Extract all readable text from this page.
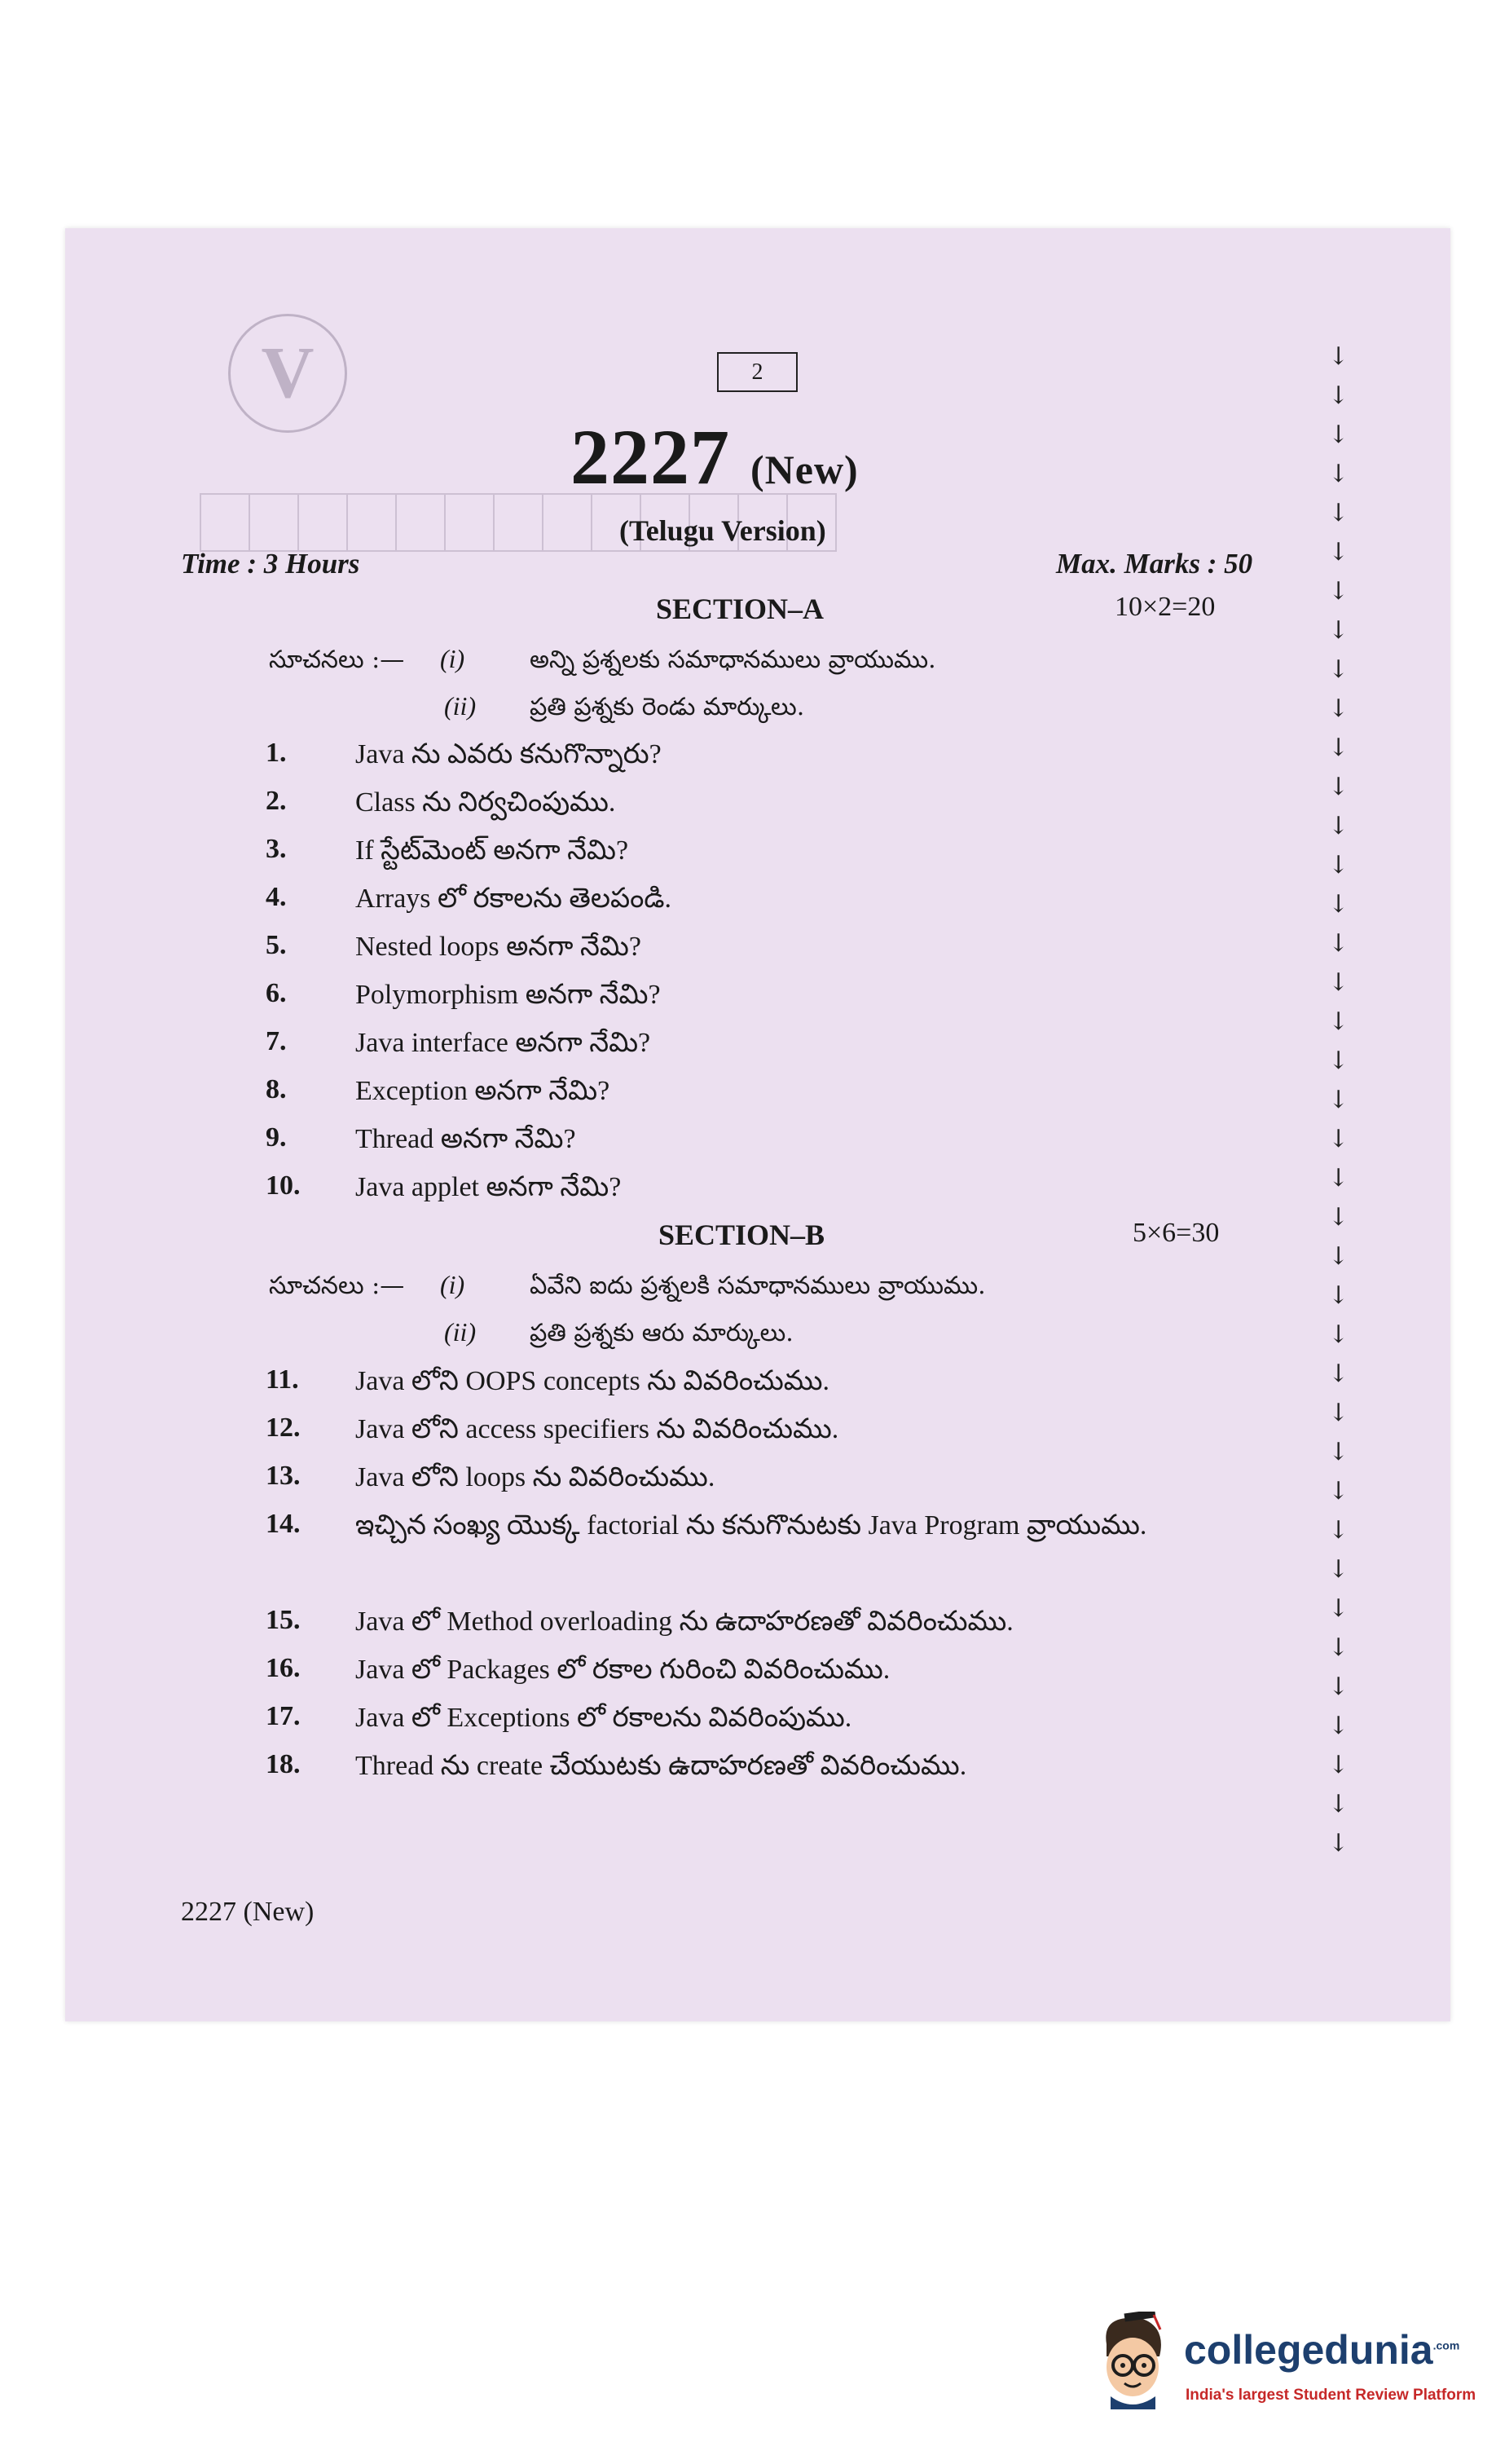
V	2
2227 (New)
(Telugu Version)
Time : 3 Hours	Max. Marks : 50
SECTION–A	10×2=20
సూచనలు :— (i)	అన్ని ప్రశ్నలకు సమాధానములు వ్రాయుము.
(ii) ప్రతి ప్రశ్నకు రెండు మార్కులు.
1. Java ను ఎవరు కనుగొన్నారు?
2. Class ను నిర్వచింపుము.
3. If స్టేట్‌మెంట్ అనగా నేమి?
4. Arrays లో రకాలను తెలపండి.
5. Nested loops అనగా నేమి?
6. Polymorphism అనగా నేమి?
7. Java interface అనగా నేమి?
8. Exception అనగా నేమి?
9. Thread అనగా నేమి?
10. Java applet అనగా నేమి?
SECTION–B	5×6=30
సూచనలు :— (i)	ఏవేని ఐదు ప్రశ్నలకి సమాధానములు వ్రాయుము.
(ii) ప్రతి ప్రశ్నకు ఆరు మార్కులు.
11. Java లోని OOPS concepts ను వివరించుము.
12. Java లోని access specifiers ను వివరించుము.
13. Java లోని loops ను వివరించుము.
14. ఇచ్చిన సంఖ్య యొక్క factorial ను కనుగొనుటకు Java Program వ్రాయుము.
15. Java లో Method overloading ను ఉదాహరణతో వివరించుము.
16. Java లో Packages లో రకాల గురించి వివరించుము.
17. Java లో Exceptions లో రకాలను వివరింపుము.
18. Thread ను create చేయుటకు ఉదాహరణతో వివరించుము.
2227 (New)
↓
↓
↓
↓
↓
↓
↓
↓
↓
↓
↓
↓
↓
↓
↓
↓
↓
↓
↓
↓
↓
↓
↓
↓
↓
↓
↓
↓
↓
↓
↓
↓
↓
↓
↓
↓
↓
↓
↓
collegedunia$^{.com}$
India's largest Student Review Platform
